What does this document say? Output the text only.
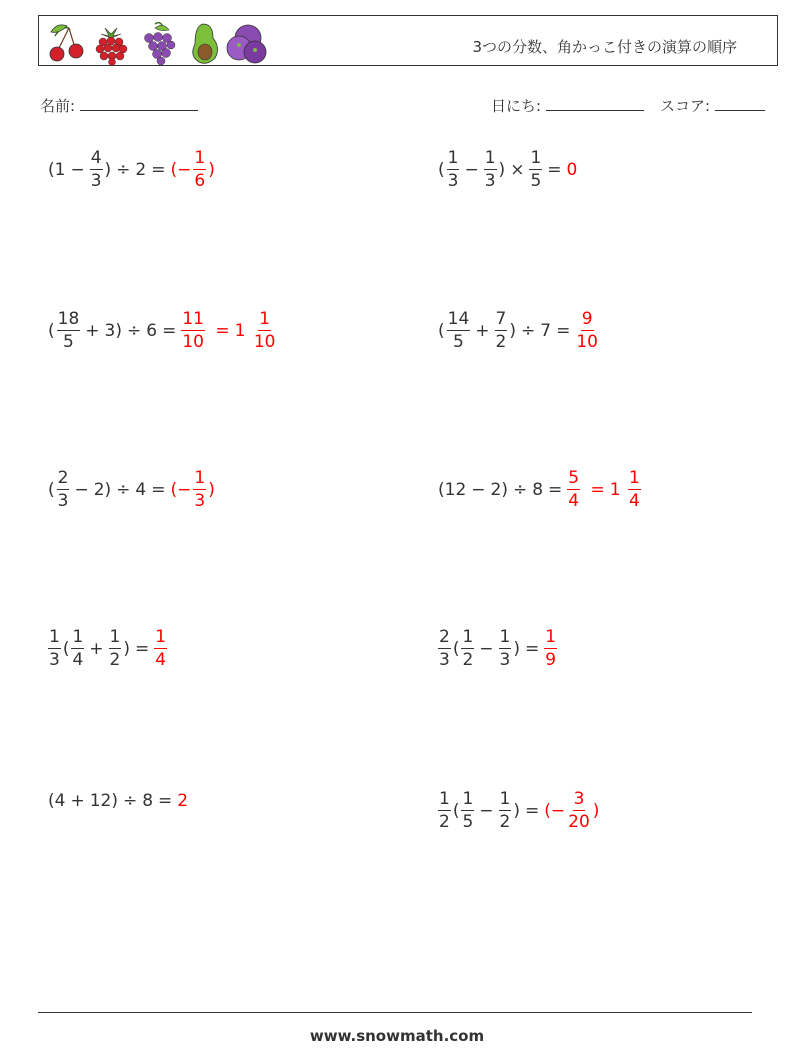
3つの分数、角かっこ付きの演算の順序
名前:	日にち:	スコア:
($1 - \frac{4}{3}$ ) ÷ 2 = (− $\frac{1}{6}$ )	( $\frac{1}{3} - \frac{1}{3}$ ) × $\frac{1}{5} = 0$
( $\frac{18}{5} + 3) \div 6 = \frac{11}{10} = 1 \frac{1}{10}$	( $\frac{14}{5} + \frac{7}{2}$ ) ÷ $7 = \frac{9}{10}$
( $\frac{2}{3} - 2) \div 4$ = (− $\frac{1}{3}$ )	$(12 - 2) \div 8 = \frac{5}{4} = 1 \frac{1}{4}$
$\frac{1}{3}$ ( $\frac{1}{4} + \frac{1}{2}$ ) = $\frac{1}{4}$	$\frac{2}{3}$ ( $\frac{1}{2} - \frac{1}{3}$ ) = $\frac{1}{9}$
(4 + 12) ÷ 8 = 2	$\frac{1}{2}$ ( $\frac{1}{5} - \frac{1}{2}$ ) = (− $\frac{3}{20}$ )
www.snowmath.com
